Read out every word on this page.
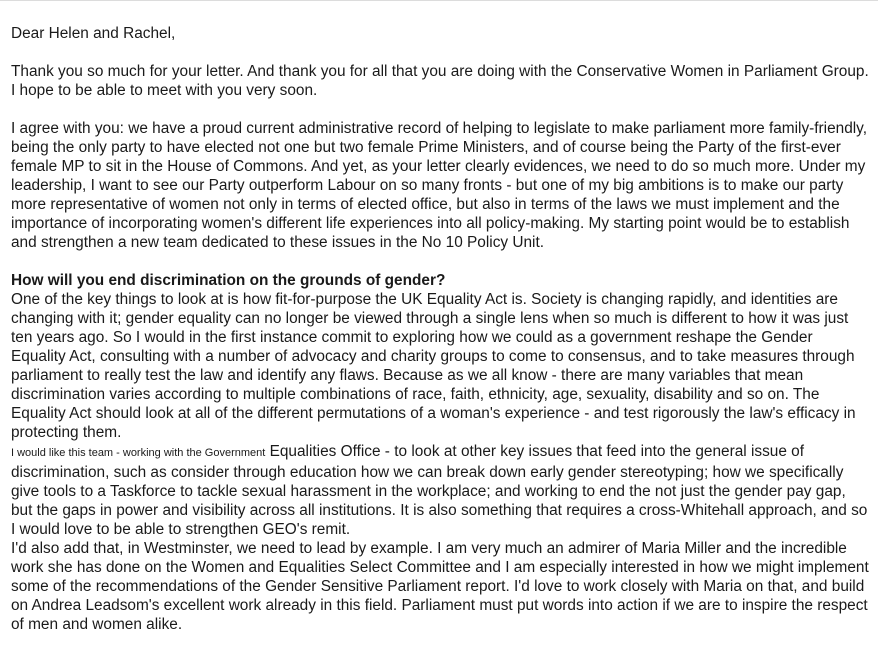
Dear Helen and Rachel,

Thank you so much for your letter. And thank you for all that you are doing with the Conservative Women in Parliament Group. I hope to be able to meet with you very soon.

I agree with you: we have a proud current administrative record of helping to legislate to make parliament more family-friendly, being the only party to have elected not one but two female Prime Ministers, and of course being the Party of the first-ever female MP to sit in the House of Commons. And yet, as your letter clearly evidences, we need to do so much more. Under my leadership, I want to see our Party outperform Labour on so many fronts - but one of my big ambitions is to make our party more representative of women not only in terms of elected office, but also in terms of the laws we must implement and the importance of incorporating women's different life experiences into all policy-making. My starting point would be to establish and strengthen a new team dedicated to these issues in the No 10 Policy Unit.

How will you end discrimination on the grounds of gender?

One of the key things to look at is how fit-for-purpose the UK Equality Act is. Society is changing rapidly, and identities are changing with it; gender equality can no longer be viewed through a single lens when so much is different to how it was just ten years ago. So I would in the first instance commit to exploring how we could as a government reshape the Gender Equality Act, consulting with a number of advocacy and charity groups to come to consensus, and to take measures through parliament to really test the law and identify any flaws. Because as we all know - there are many variables that mean discrimination varies according to multiple combinations of race, faith, ethnicity, age, sexuality, disability and so on. The Equality Act should look at all of the different permutations of a woman's experience - and test rigorously the law's efficacy in protecting them.

I would like this team - working with the Government Equalities Office - to look at other key issues that feed into the general issue of discrimination, such as consider through education how we can break down early gender stereotyping; how we specifically give tools to a Taskforce to tackle sexual harassment in the workplace; and working to end the not just the gender pay gap, but the gaps in power and visibility across all institutions. It is also something that requires a cross-Whitehall approach, and so I would love to be able to strengthen GEO's remit.

I'd also add that, in Westminster, we need to lead by example. I am very much an admirer of Maria Miller and the incredible work she has done on the Women and Equalities Select Committee and I am especially interested in how we might implement some of the recommendations of the Gender Sensitive Parliament report. I'd love to work closely with Maria on that, and build on Andrea Leadsom's excellent work already in this field. Parliament must put words into action if we are to inspire the respect of men and women alike.
